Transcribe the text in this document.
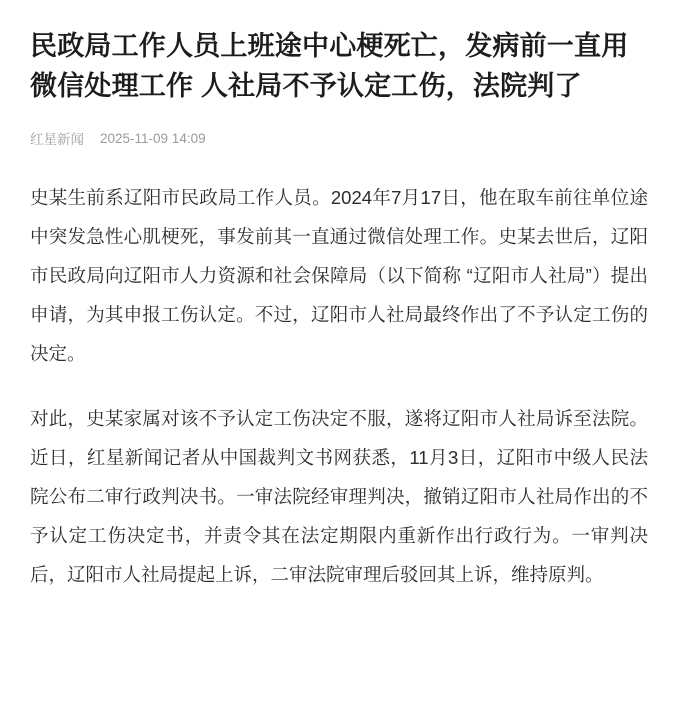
民政局工作人员上班途中心梗死亡，发病前一直用微信处理工作 人社局不予认定工伤，法院判了
红星新闻 2025-11-09 14:09

史某生前系辽阳市民政局工作人员。2024年7月17日，他在取车前往单位途中突发急性心肌梗死，事发前其一直通过微信处理工作。史某去世后，辽阳市民政局向辽阳市人力资源和社会保障局（以下简称 “辽阳市人社局”）提出申请，为其申报工伤认定。不过，辽阳市人社局最终作出了不予认定工伤的决定。

对此，史某家属对该不予认定工伤决定不服，遂将辽阳市人社局诉至法院。近日，红星新闻记者从中国裁判文书网获悉，11月3日，辽阳市中级人民法院公布二审行政判决书。一审法院经审理判决，撤销辽阳市人社局作出的不予认定工伤决定书，并责令其在法定期限内重新作出行政行为。一审判决后，辽阳市人社局提起上诉，二审法院审理后驳回其上诉，维持原判。
